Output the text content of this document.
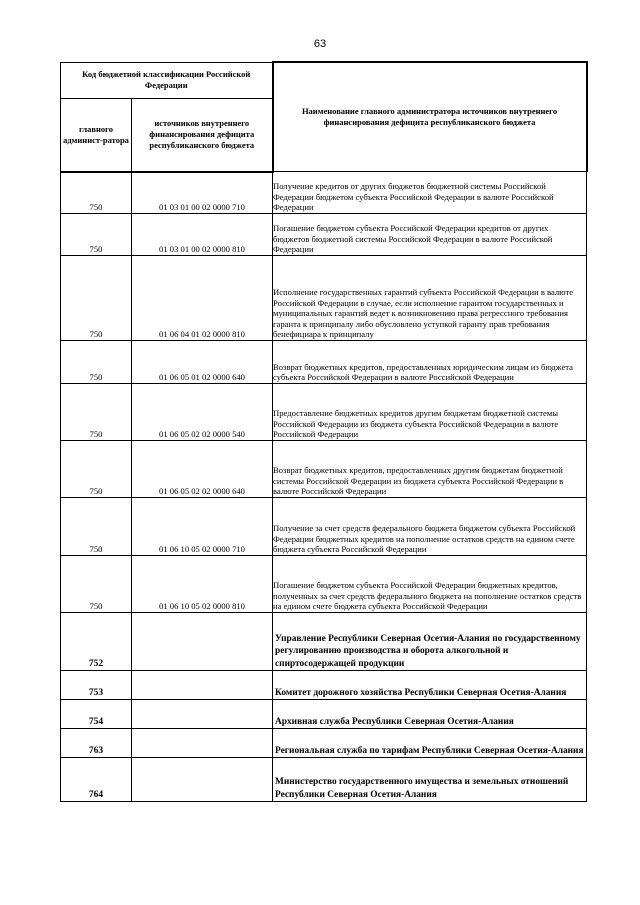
63
Код бюджетной классификации Российской Федерации		Наименование главного администратора источников внутреннего финансирования дефицита республиканского бюджета
главного админист-ратора	источников внутреннего финансирования дефицита республиканского бюджета	
750	01 03 01 00 02 0000 710	Получение кредитов от других бюджетов бюджетной системы Российской Федерации бюджетом субъекта Российской Федерации в валюте Российской Федерации
750	01 03 01 00 02 0000 810	Погашение бюджетом субъекта Российской Федерации кредитов от других бюджетов бюджетной системы Российской Федерации в валюте Российской Федерации
750	01 06 04 01 02 0000 810	Исполнение государственных гарантий субъекта Российской Федерации в валюте Российской Федерации в случае, если исполнение гарантом государственных и муниципальных гарантий ведет к возникновению права регрессного требования гаранта к принципалу либо обусловлено уступкой гаранту прав требования бенефициара к принципалу
750	01 06 05 01 02 0000 640	Возврат бюджетных кредитов, предоставленных юридическим лицам из бюджета субъекта Российской Федерации в валюте Российской Федерации
750	01 06 05 02 02 0000 540	Предоставление бюджетных кредитов другим бюджетам бюджетной системы Российской Федерации из бюджета субъекта Российской Федерации в валюте Российской Федерации
750	01 06 05 02 02 0000 640	Возврат бюджетных кредитов, предоставленных другим бюджетам бюджетной системы Российской Федерации из бюджета субъекта Российской Федерации в валюте Российской Федерации
750	01 06 10 05 02 0000 710	Получение за счет средств федерального бюджета бюджетом субъекта Российской Федерации бюджетных кредитов на пополнение остатков средств на едином счете бюджета субъекта Российской Федерации
750	01 06 10 05 02 0000 810	Погашение бюджетом субъекта Российской Федерации бюджетных кредитов, полученных за счет средств федерального бюджета на пополнение остатков средств на едином счете бюджета субъекта Российской Федерации
752		Управление Республики Северная Осетия-Алания по государственному регулированию производства и оборота алкогольной и спиртосодержащей продукции
753		Комитет дорожного хозяйства Республики Северная Осетия-Алания
754		Архивная служба Республики Северная Осетия-Алания
763		Региональная служба по тарифам Республики Северная Осетия-Алания
764		Министерство государственного имущества и земельных отношений Республики Северная Осетия-Алания
